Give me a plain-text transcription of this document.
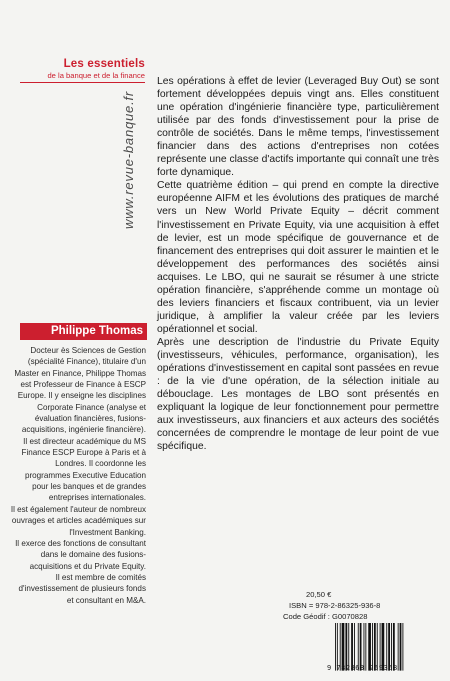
Les essentiels
de la banque et de la finance
www.revue-banque.fr
Philippe Thomas

Docteur ès Sciences de Gestion (spécialité Finance), titulaire d'un Master en Finance, Philippe Thomas est Professeur de Finance à ESCP Europe. Il y enseigne les disciplines Corporate Finance (analyse et évaluation financières, fusions-acquisitions, ingénierie financière).

Il est directeur académique du MS Finance ESCP Europe à Paris et à Londres. Il coordonne les programmes Executive Education pour les banques et de grandes entreprises internationales.

Il est également l'auteur de nombreux ouvrages et articles académiques sur l'Investment Banking.

Il exerce des fonctions de consultant dans le domaine des fusions-acquisitions et du Private Equity.

Il est membre de comités d'investissement de plusieurs fonds et consultant en M&A.

Les opérations à effet de levier (Leveraged Buy Out) se sont fortement développées depuis vingt ans. Elles constituent une opération d'ingénierie financière type, particulièrement utilisée par des fonds d'investissement pour la prise de contrôle de sociétés. Dans le même temps, l'investissement financier dans des actions d'entreprises non cotées représente une classe d'actifs importante qui connaît une très forte dynamique.

Cette quatrième édition – qui prend en compte la directive européenne AIFM et les évolutions des pratiques de marché vers un New World Private Equity – décrit comment l'investissement en Private Equity, via une acquisition à effet de levier, est un mode spécifique de gouvernance et de financement des entreprises qui doit assurer le maintien et le développement des performances des sociétés ainsi acquises. Le LBO, qui ne saurait se résumer à une stricte opération financière, s'appréhende comme un montage où des leviers financiers et fiscaux contribuent, via un levier juridique, à amplifier la valeur créée par les leviers opérationnel et social.

Après une description de l'industrie du Private Equity (investisseurs, véhicules, performance, organisation), les opérations d'investissement en capital sont passées en revue : de la vie d'une opération, de la sélection initiale au débouclage. Les montages de LBO sont présentés en expliquant la logique de leur fonctionnement pour permettre aux investisseurs, aux financiers et aux acteurs des sociétés concernées de comprendre le montage de leur point de vue spécifique.

20,50 €
ISBN = 978-2-86325-936-8
Code Géodif : G0070828
9 782863 259368
